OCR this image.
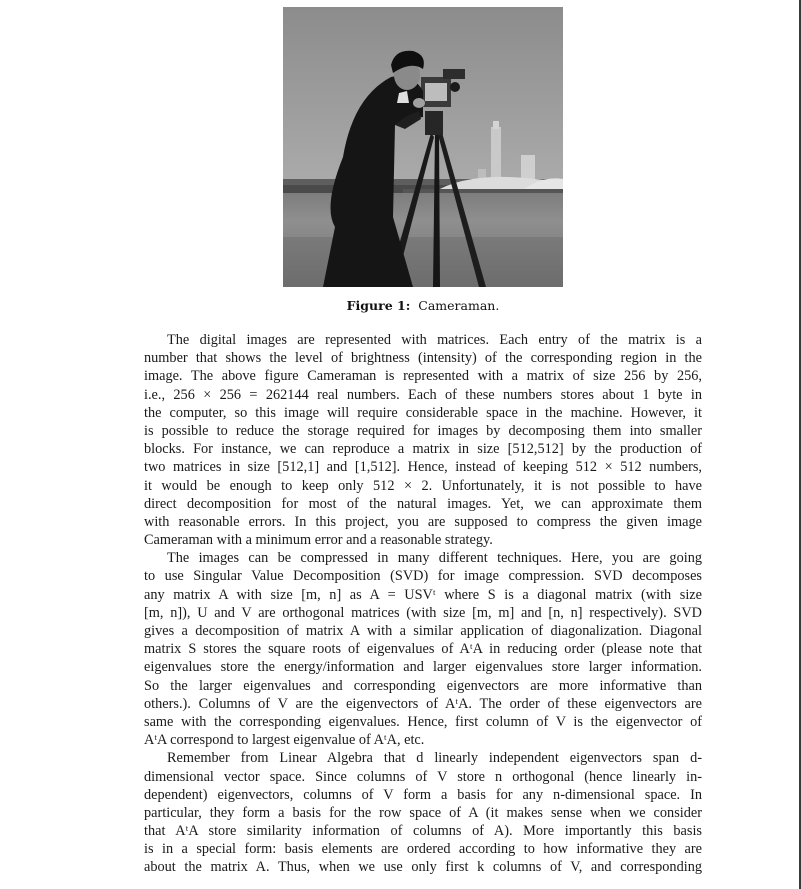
Figure 1: Cameraman.
The digital images are represented with matrices. Each entry of the matrix is a
number that shows the level of brightness (intensity) of the corresponding region in the
image. The above figure Cameraman is represented with a matrix of size 256 by 256,
i.e., 256 × 256 = 262144 real numbers. Each of these numbers stores about 1 byte in
the computer, so this image will require considerable space in the machine. However, it
is possible to reduce the storage required for images by decomposing them into smaller
blocks. For instance, we can reproduce a matrix in size [512,512] by the production of
two matrices in size [512,1] and [1,512]. Hence, instead of keeping 512 × 512 numbers,
it would be enough to keep only 512 × 2. Unfortunately, it is not possible to have
direct decomposition for most of the natural images. Yet, we can approximate them
with reasonable errors. In this project, you are supposed to compress the given image
Cameraman with a minimum error and a reasonable strategy.
The images can be compressed in many different techniques. Here, you are going
to use Singular Value Decomposition (SVD) for image compression. SVD decomposes
any matrix A with size [m, n] as A = USVᵗ where S is a diagonal matrix (with size
[m, n]), U and V are orthogonal matrices (with size [m, m] and [n, n] respectively). SVD
gives a decomposition of matrix A with a similar application of diagonalization. Diagonal
matrix S stores the square roots of eigenvalues of AᵗA in reducing order (please note that
eigenvalues store the energy/information and larger eigenvalues store larger information.
So the larger eigenvalues and corresponding eigenvectors are more informative than
others.). Columns of V are the eigenvectors of AᵗA. The order of these eigenvectors are
same with the corresponding eigenvalues. Hence, first column of V is the eigenvector of
AᵗA correspond to largest eigenvalue of AᵗA, etc.
Remember from Linear Algebra that d linearly independent eigenvectors span d-
dimensional vector space. Since columns of V store n orthogonal (hence linearly in-
dependent) eigenvectors, columns of V form a basis for any n-dimensional space. In
particular, they form a basis for the row space of A (it makes sense when we consider
that AᵗA store similarity information of columns of A). More importantly this basis
is in a special form: basis elements are ordered according to how informative they are
about the matrix A. Thus, when we use only first k columns of V, and corresponding
